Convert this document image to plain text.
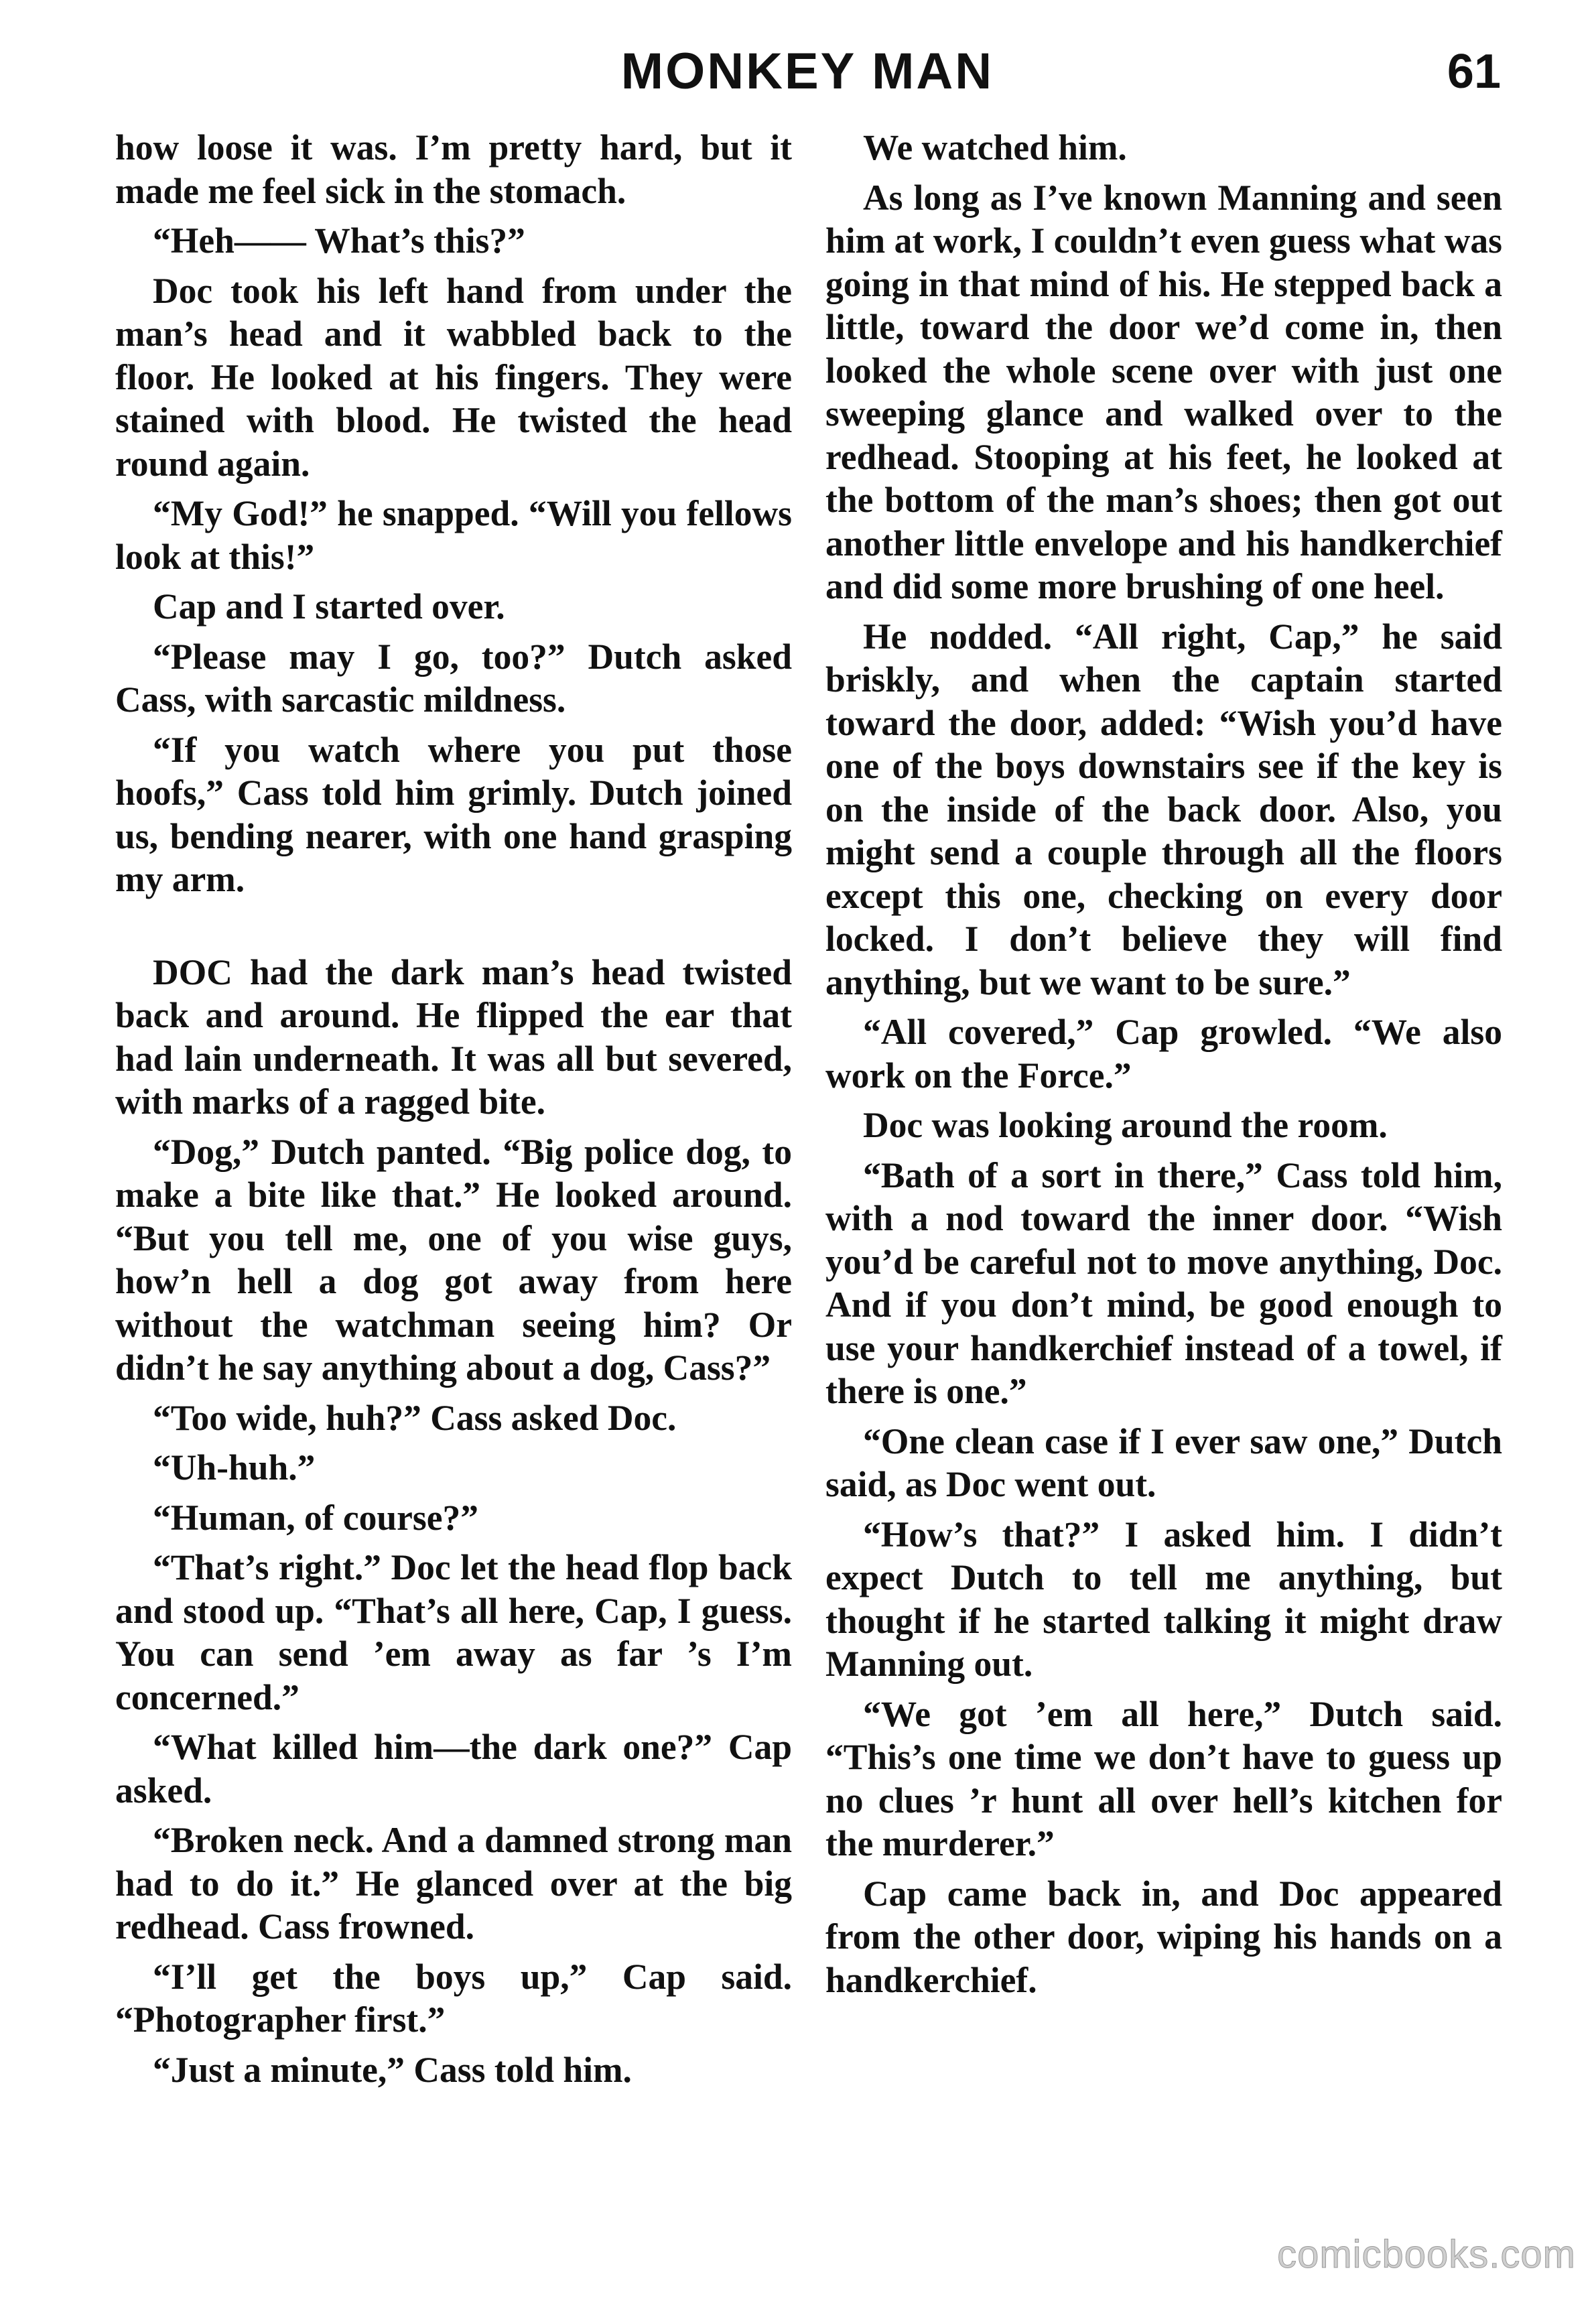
MONKEY MAN	61

how loose it was. I’m pretty hard, but it made me feel sick in the stomach.

“Heh—— What’s this?”

Doc took his left hand from under the man’s head and it wabbled back to the floor. He looked at his fingers. They were stained with blood. He twisted the head round again.

“My God!” he snapped. “Will you fellows look at this!”

Cap and I started over.

“Please may I go, too?” Dutch asked Cass, with sarcastic mildness.

“If you watch where you put those hoofs,” Cass told him grimly. Dutch joined us, bending nearer, with one hand grasping my arm.

DOC had the dark man’s head twisted back and around. He flipped the ear that had lain underneath. It was all but severed, with marks of a ragged bite.

“Dog,” Dutch panted. “Big police dog, to make a bite like that.” He looked around. “But you tell me, one of you wise guys, how’n hell a dog got away from here without the watchman seeing him? Or didn’t he say anything about a dog, Cass?”

“Too wide, huh?” Cass asked Doc.

“Uh-huh.”

“Human, of course?”

“That’s right.” Doc let the head flop back and stood up. “That’s all here, Cap, I guess. You can send ’em away as far ’s I’m concerned.”

“What killed him—the dark one?” Cap asked.

“Broken neck. And a damned strong man had to do it.” He glanced over at the big redhead. Cass frowned.

“I’ll get the boys up,” Cap said. “Photographer first.”

“Just a minute,” Cass told him.

We watched him.

As long as I’ve known Manning and seen him at work, I couldn’t even guess what was going in that mind of his. He stepped back a little, toward the door we’d come in, then looked the whole scene over with just one sweeping glance and walked over to the redhead. Stooping at his feet, he looked at the bottom of the man’s shoes; then got out another little envelope and his handkerchief and did some more brushing of one heel.

He nodded. “All right, Cap,” he said briskly, and when the captain started toward the door, added: “Wish you’d have one of the boys downstairs see if the key is on the inside of the back door. Also, you might send a couple through all the floors except this one, checking on every door locked. I don’t believe they will find anything, but we want to be sure.”

“All covered,” Cap growled. “We also work on the Force.”

Doc was looking around the room.

“Bath of a sort in there,” Cass told him, with a nod toward the inner door. “Wish you’d be careful not to move anything, Doc. And if you don’t mind, be good enough to use your handkerchief instead of a towel, if there is one.”

“One clean case if I ever saw one,” Dutch said, as Doc went out.

“How’s that?” I asked him. I didn’t expect Dutch to tell me anything, but thought if he started talking it might draw Manning out.

“We got ’em all here,” Dutch said. “This’s one time we don’t have to guess up no clues ’r hunt all over hell’s kitchen for the murderer.”

Cap came back in, and Doc appeared from the other door, wiping his hands on a handkerchief.

comicbooks.com
